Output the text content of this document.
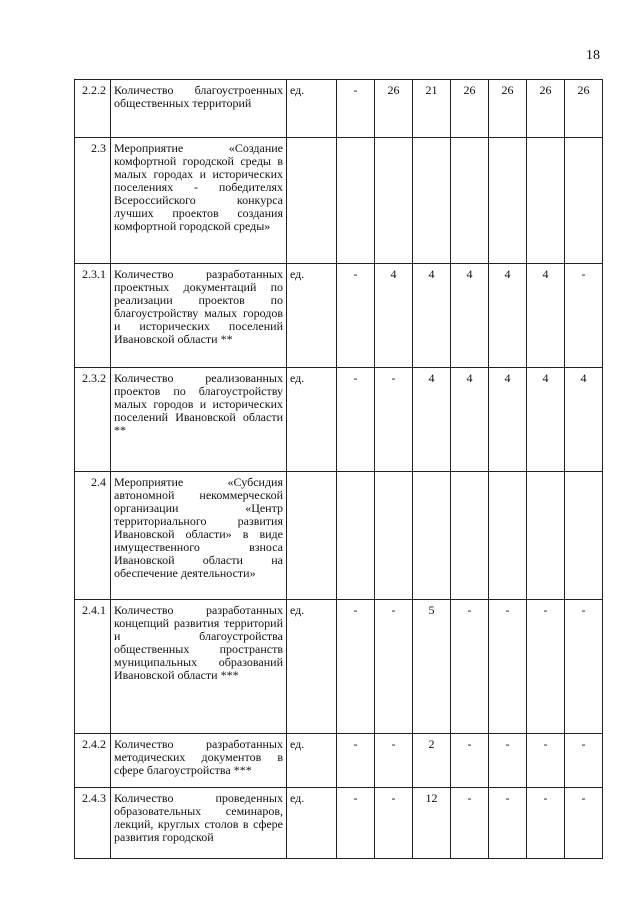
18
2.2.2	Количество благоустроенных общественных территорий	ед.	-	26	21	26	26	26	26
2.3	Мероприятие «Создание комфортной городской среды в малых городах и исторических поселениях - победителях Всероссийского конкурса лучших проектов создания комфортной городской среды»								
2.3.1	Количество разработанных проектных документаций по реализации проектов по благоустройству малых городов и исторических поселений Ивановской области **	ед.	-	4	4	4	4	4	-
2.3.2	Количество реализованных проектов по благоустройству малых городов и исторических поселений Ивановской области **	ед.	-	-	4	4	4	4	4
2.4	Мероприятие «Субсидия автономной некоммерческой организации «Центр территориального развития Ивановской области» в виде имущественного взноса Ивановской области на обеспечение деятельности»								
2.4.1	Количество разработанных концепций развития территорий и благоустройства общественных пространств муниципальных образований Ивановской области ***	ед.	-	-	5	-	-	-	-
2.4.2	Количество разработанных методических документов в сфере благоустройства ***	ед.	-	-	2	-	-	-	-
2.4.3	Количество проведенных образовательных семинаров, лекций, круглых столов в сфере развития городской	ед.	-	-	12	-	-	-	-
